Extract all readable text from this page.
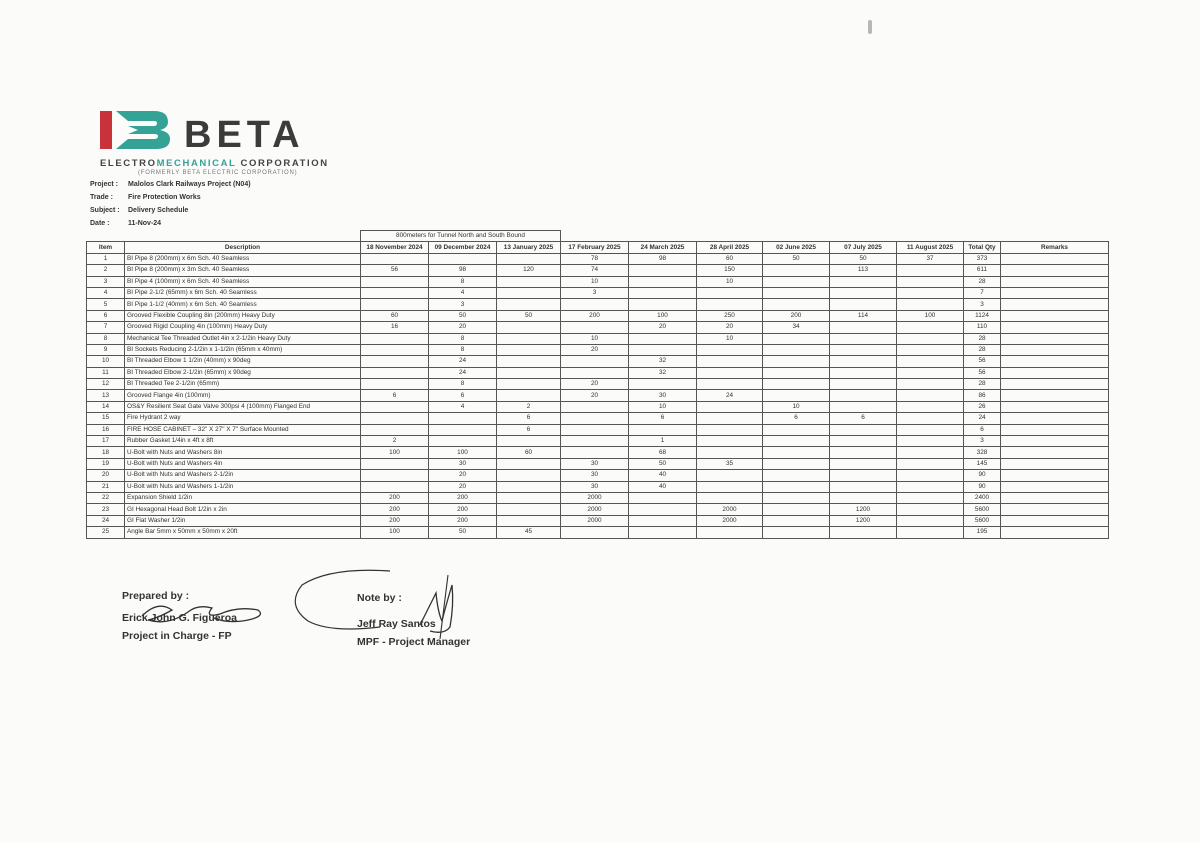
BETA
ELECTROMECHANICAL CORPORATION
(FORMERLY BETA ELECTRIC CORPORATION)
Project : Malolos Clark Railways Project (N04)
Trade : Fire Protection Works
Subject : Delivery Schedule
Date :	11-Nov-24
		800meters for Tunnel North and South Bound										
Item	Description	18 November 2024	09 December 2024	13 January 2025	17 February 2025	24 March 2025	28 April 2025	02 June 2025	07 July 2025	11 August 2025	Total Qty	Remarks
1	BI Pipe 8 (200mm) x 6m Sch. 40 Seamless				78	98	60	50	50	37	373	
2	BI Pipe 8 (200mm) x 3m Sch. 40 Seamless	56	98	120	74		150		113		611	
3	BI Pipe 4 (100mm) x 6m Sch. 40 Seamless		8		10		10				28	
4	BI Pipe 2-1/2 (65mm) x 6m Sch. 40 Seamless		4		3						7	
5	BI Pipe 1-1/2 (40mm) x 6m Sch. 40 Seamless		3								3	
6	Grooved Flexible Coupling 8in (200mm) Heavy Duty	60	50	50	200	100	250	200	114	100	1124	
7	Grooved Rigid Coupling 4in (100mm) Heavy Duty	16	20			20	20	34			110	
8	Mechanical Tee Threaded Outlet 4in x 2-1/2in Heavy Duty		8		10		10				28	
9	BI Sockets Reducing 2-1/2in x 1-1/2in (65mm x 40mm)		8		20						28	
10	BI Threaded Elbow 1 1/2in (40mm) x 90deg		24			32					56	
11	BI Threaded Elbow 2-1/2in (65mm) x 90deg		24			32					56	
12	BI Threaded Tee 2-1/2in (65mm)		8		20						28	
13	Grooved Flange 4in (100mm)	6	6		20	30	24				86	
14	OS&Y Resilient Seat Gate Valve 300psi 4 (100mm) Flanged End		4	2		10		10			26	
15	Fire Hydrant 2 way			6		6		6	6		24	
16	FIRE HOSE CABINET – 32" X 27" X 7" Surface Mounted			6							6	
17	Rubber Gasket 1/4in x 4ft x 8ft	2				1					3	
18	U-Bolt with Nuts and Washers 8in	100	100	60		68					328	
19	U-Bolt with Nuts and Washers 4in		30		30	50	35				145	
20	U-Bolt with Nuts and Washers 2-1/2in		20		30	40					90	
21	U-Bolt with Nuts and Washers 1-1/2in		20		30	40					90	
22	Expansion Shield 1/2in	200	200		2000						2400	
23	GI Hexagonal Head Bolt 1/2in x 2in	200	200		2000		2000		1200		5600	
24	GI Flat Washer 1/2in	200	200		2000		2000		1200		5600	
25	Angle Bar 5mm x 50mm x 50mm x 20ft	100	50	45							195	
Prepared by :
Erick John G. Figueroa
Project in Charge - FP
Note by :
Jeff Ray Santos
MPF - Project Manager
